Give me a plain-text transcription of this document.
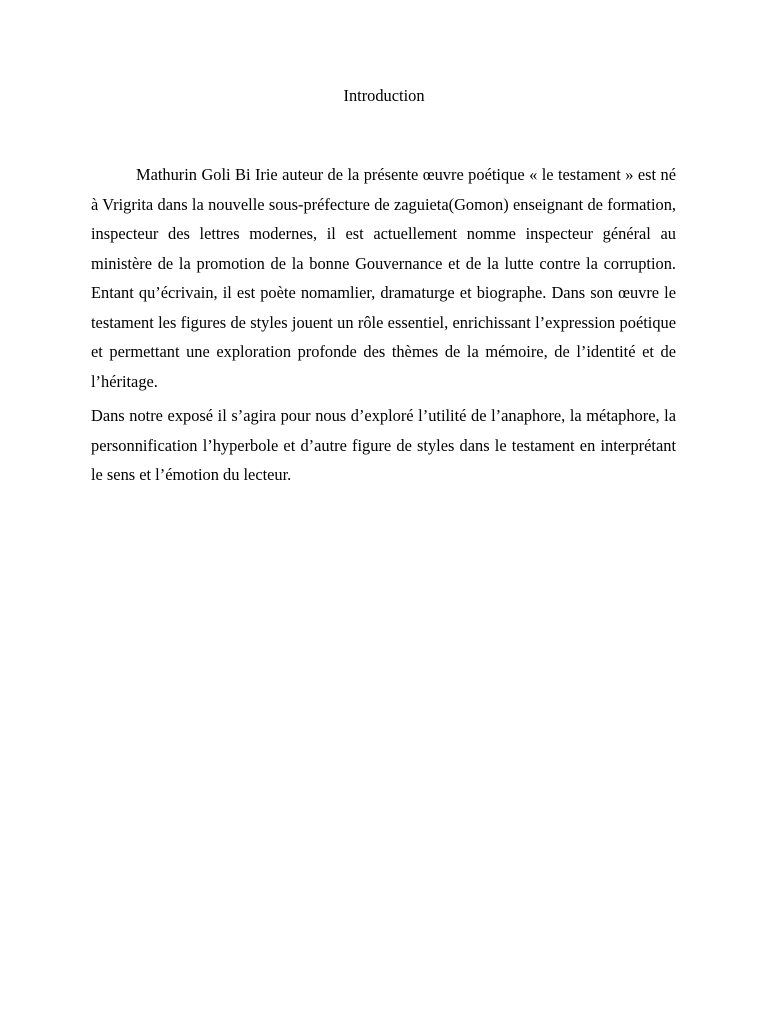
Introduction

Mathurin Goli Bi Irie auteur de la présente œuvre poétique « le testament » est né à Vrigrita dans la nouvelle sous-préfecture de zaguieta(Gomon) enseignant de formation, inspecteur des lettres modernes, il est actuellement nomme inspecteur général au ministère de la promotion de la bonne Gouvernance et de la lutte contre la corruption. Entant qu’écrivain, il est poète nomamlier, dramaturge et biographe. Dans son œuvre le testament les figures de styles jouent un rôle essentiel, enrichissant l’expression poétique et permettant une exploration profonde des thèmes de la mémoire, de l’identité et de l’héritage.

Dans notre exposé il s’agira pour nous d’exploré l’utilité de l’anaphore, la métaphore, la personnification l’hyperbole et d’autre figure de styles dans le testament en interprétant le sens et l’émotion du lecteur.
